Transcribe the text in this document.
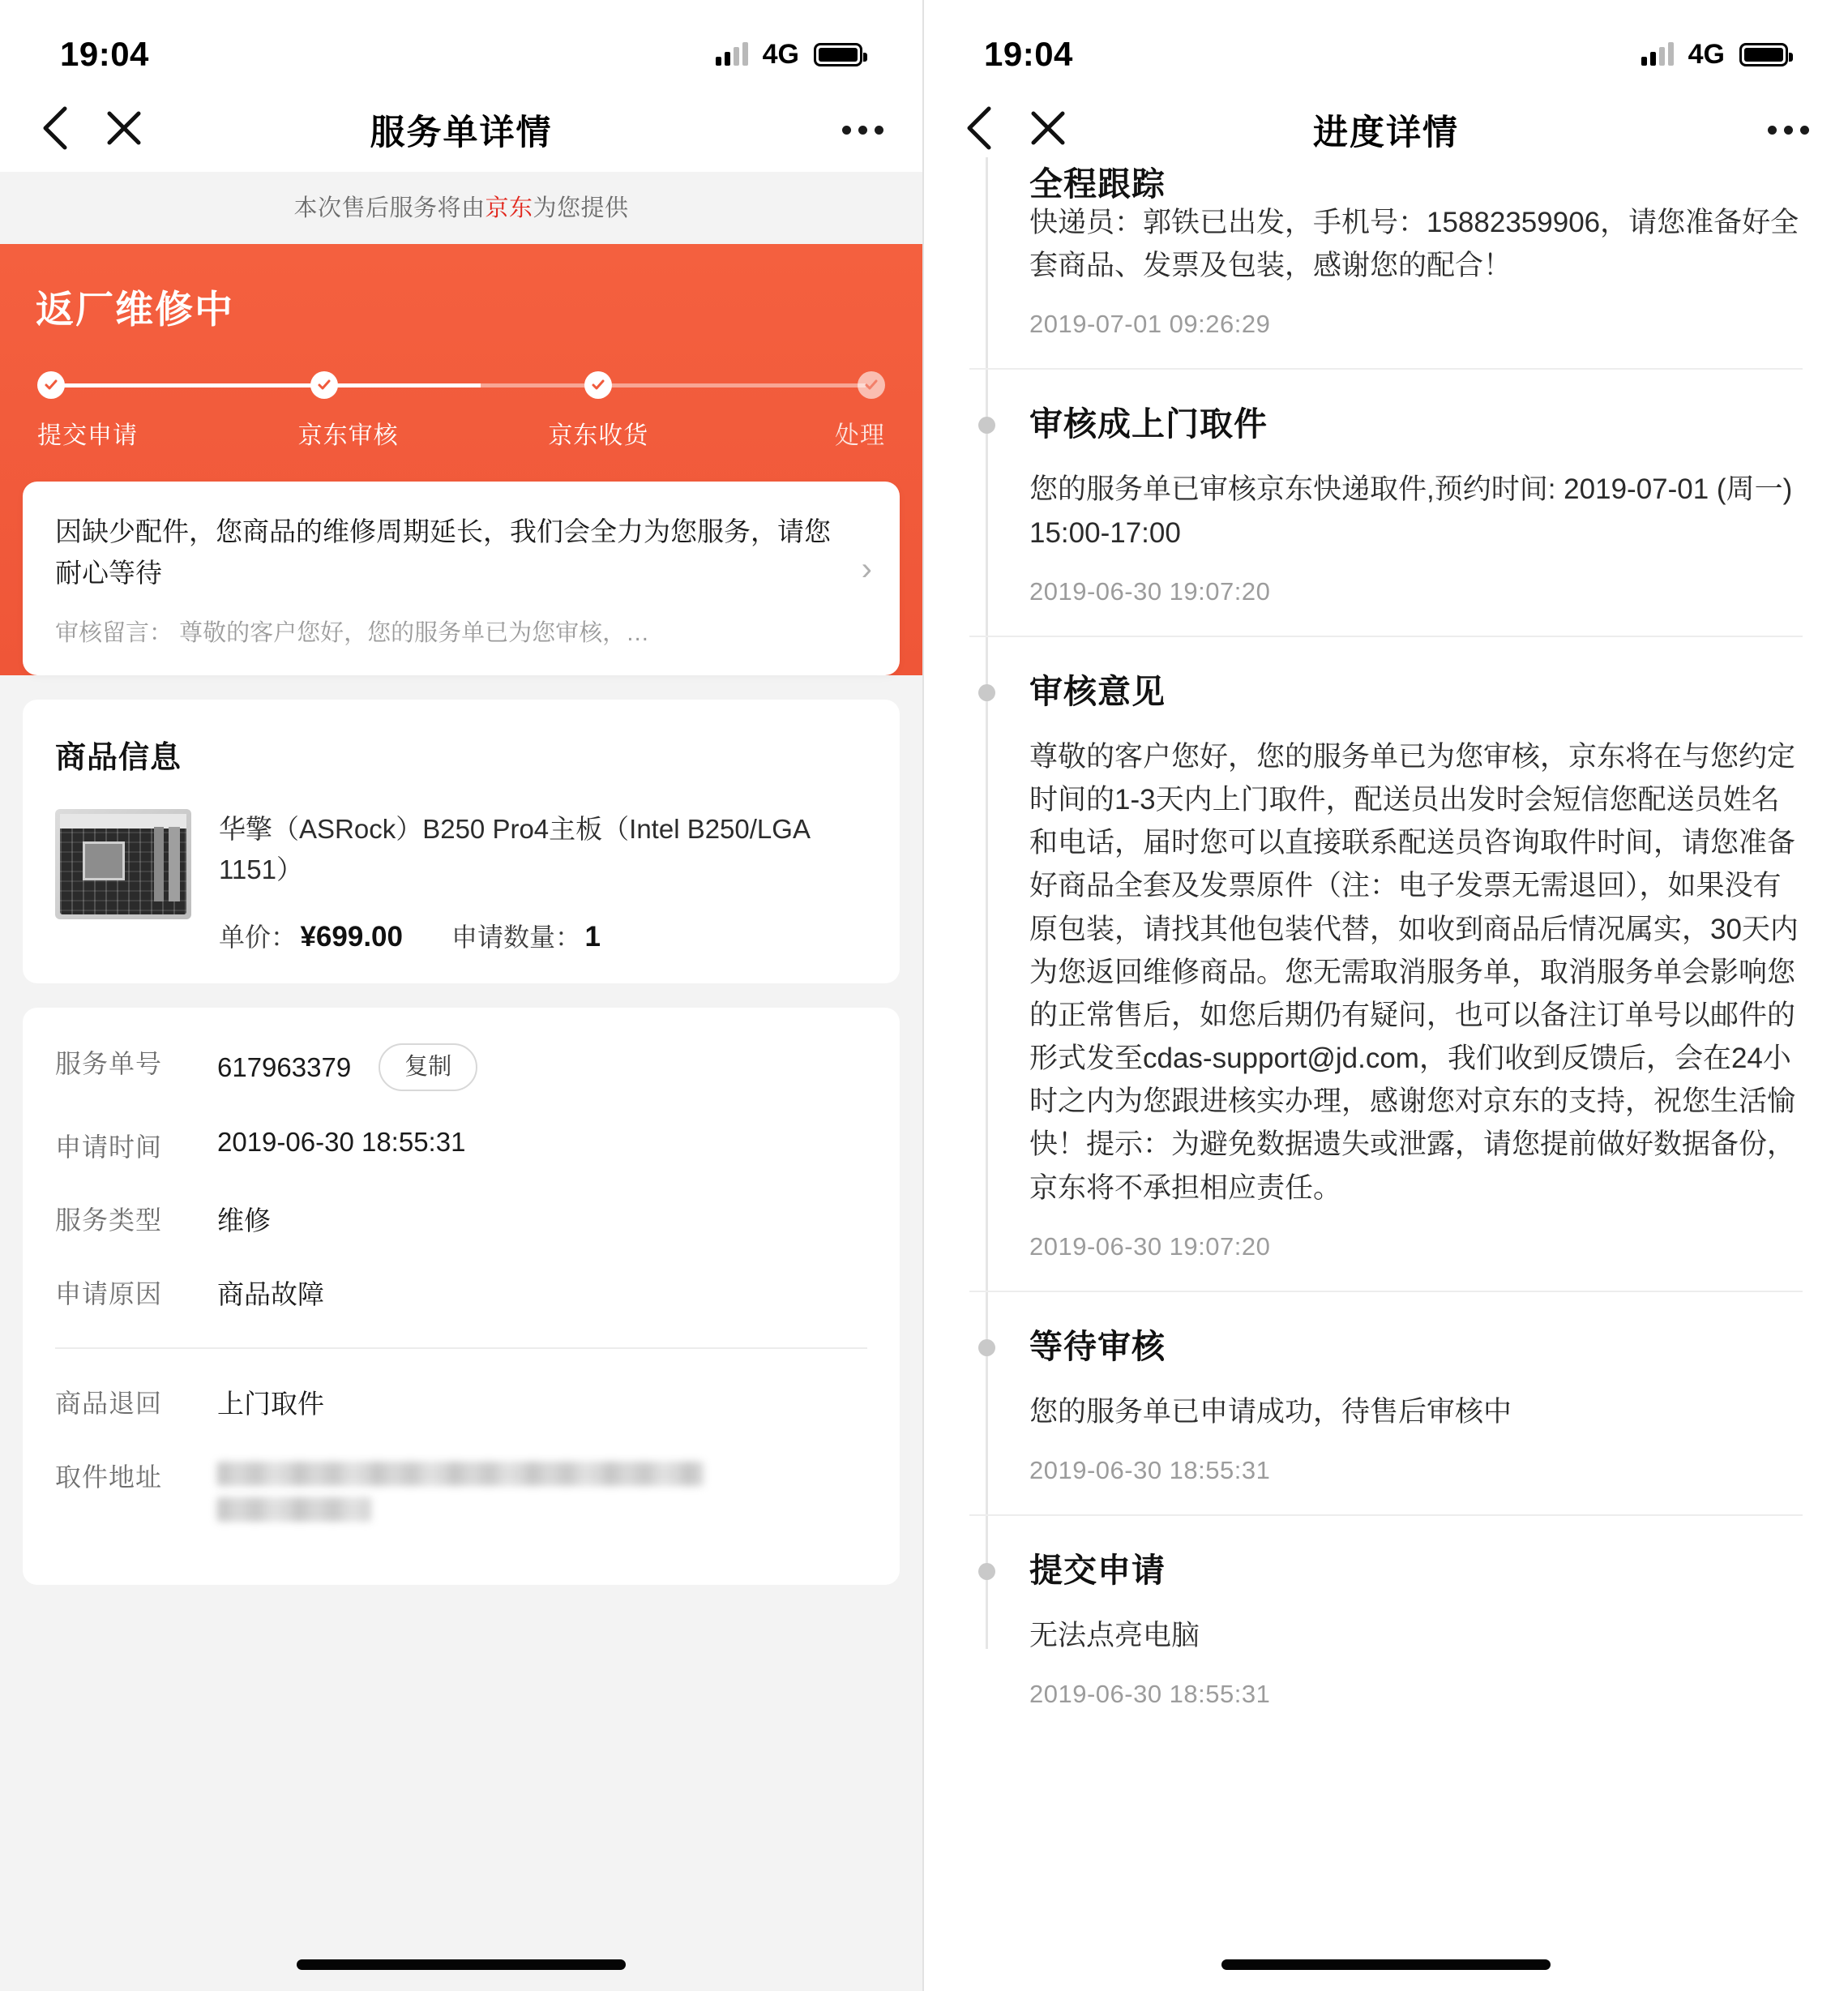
19:04	4G
服务单详情
本次售后服务将由京东为您提供
返厂维修中
提交申请	京东审核	京东收货	处理
因缺少配件，您商品的维修周期延长，我们会全力为您服务，请您耐心等待
审核留言： 尊敬的客户您好，您的服务单已为您审核，…
›
商品信息
华擎（ASRock）B250 Pro4主板（Intel B250/LGA 1151）
单价： ¥699.00 申请数量： 1
服务单号	617963379	复制
申请时间	2019-06-30 18:55:31
服务类型	维修
申请原因	商品故障
商品退回	上门取件
取件地址
19:04	4G
进度详情
全程跟踪
快递员：郭铁已出发，手机号：15882359906，请您准备好全套商品、发票及包装，感谢您的配合！
2019-07-01 09:26:29
审核成上门取件
您的服务单已审核京东快递取件,预约时间: 2019-07-01 (周一) 15:00-17:00
2019-06-30 19:07:20
审核意见
尊敬的客户您好，您的服务单已为您审核，京东将在与您约定时间的1-3天内上门取件，配送员出发时会短信您配送员姓名和电话，届时您可以直接联系配送员咨询取件时间，请您准备好商品全套及发票原件（注：电子发票无需退回），如果没有原包装，请找其他包装代替，如收到商品后情况属实，30天内为您返回维修商品。您无需取消服务单，取消服务单会影响您的正常售后，如您后期仍有疑问，也可以备注订单号以邮件的形式发至cdas-support@jd.com，我们收到反馈后，会在24小时之内为您跟进核实办理，感谢您对京东的支持，祝您生活愉快！提示：为避免数据遗失或泄露，请您提前做好数据备份，京东将不承担相应责任。
2019-06-30 19:07:20
等待审核
您的服务单已申请成功，待售后审核中
2019-06-30 18:55:31
提交申请
无法点亮电脑
2019-06-30 18:55:31
